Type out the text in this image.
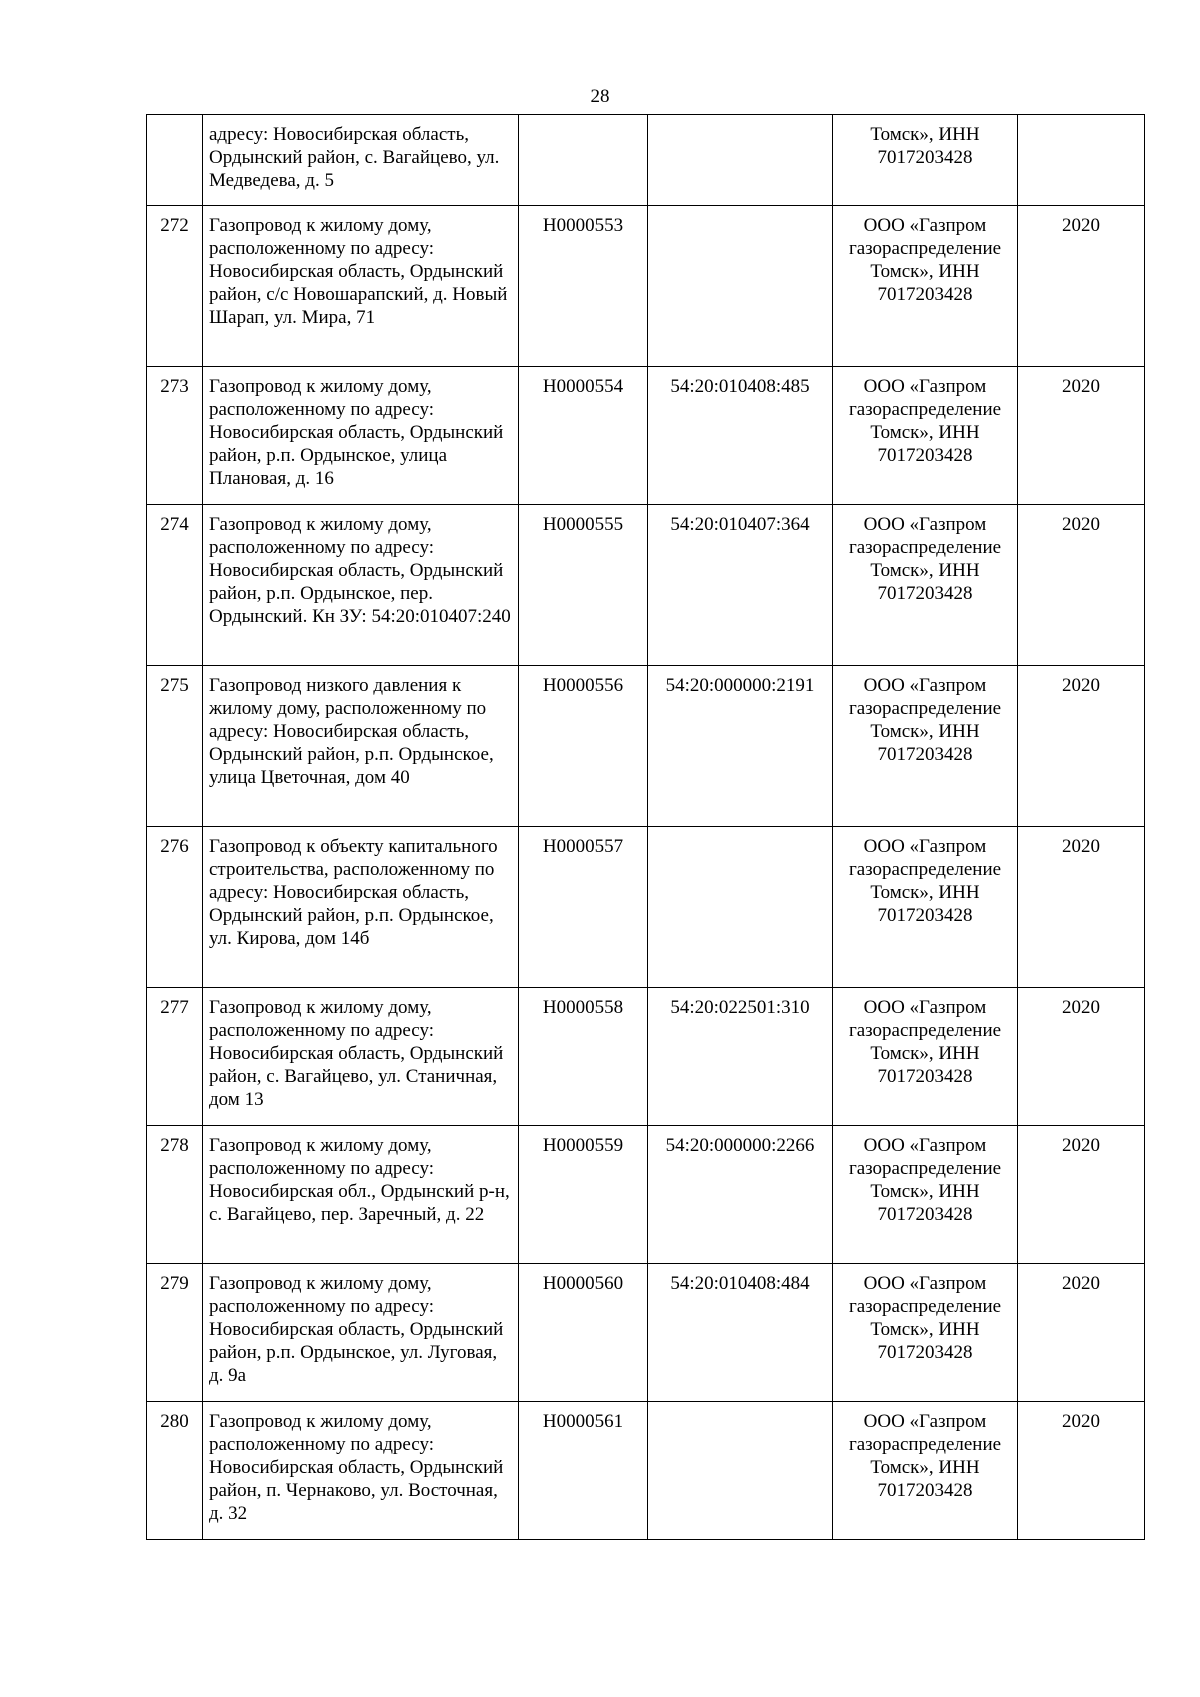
28
	адресу: Новосибирская область, Ордынский район, с. Вагайцево, ул. Медведева, д. 5			Томск», ИНН 7017203428	
272	Газопровод к жилому дому, расположенному по адресу: Новосибирская область, Ордынский район, с/с Новошарапский, д. Новый Шарап, ул. Мира, 71	Н0000553		ООО «Газпром газораспределение Томск», ИНН 7017203428	2020
273	Газопровод к жилому дому, расположенному по адресу: Новосибирская область, Ордынский район, р.п. Ордынское, улица Плановая, д. 16	Н0000554	54:20:010408:485	ООО «Газпром газораспределение Томск», ИНН 7017203428	2020
274	Газопровод к жилому дому, расположенному по адресу: Новосибирская область, Ордынский район, р.п. Ордынское, пер. Ордынский. Кн ЗУ: 54:20:010407:240	Н0000555	54:20:010407:364	ООО «Газпром газораспределение Томск», ИНН 7017203428	2020
275	Газопровод низкого давления к жилому дому, расположенному по адресу: Новосибирская область, Ордынский район, р.п. Ордынское, улица Цветочная, дом 40	Н0000556	54:20:000000:2191	ООО «Газпром газораспределение Томск», ИНН 7017203428	2020
276	Газопровод к объекту капитального строительства, расположенному по адресу: Новосибирская область, Ордынский район, р.п. Ордынское, ул. Кирова, дом 14б	Н0000557		ООО «Газпром газораспределение Томск», ИНН 7017203428	2020
277	Газопровод к жилому дому, расположенному по адресу: Новосибирская область, Ордынский район, с. Вагайцево, ул. Станичная, дом 13	Н0000558	54:20:022501:310	ООО «Газпром газораспределение Томск», ИНН 7017203428	2020
278	Газопровод к жилому дому, расположенному по адресу: Новосибирская обл., Ордынский р-н, с. Вагайцево, пер. Заречный, д. 22	Н0000559	54:20:000000:2266	ООО «Газпром газораспределение Томск», ИНН 7017203428	2020
279	Газопровод к жилому дому, расположенному по адресу: Новосибирская область, Ордынский район, р.п. Ордынское, ул. Луговая, д. 9а	Н0000560	54:20:010408:484	ООО «Газпром газораспределение Томск», ИНН 7017203428	2020
280	Газопровод к жилому дому, расположенному по адресу: Новосибирская область, Ордынский район, п. Чернаково, ул. Восточная, д. 32	Н0000561		ООО «Газпром газораспределение Томск», ИНН 7017203428	2020
